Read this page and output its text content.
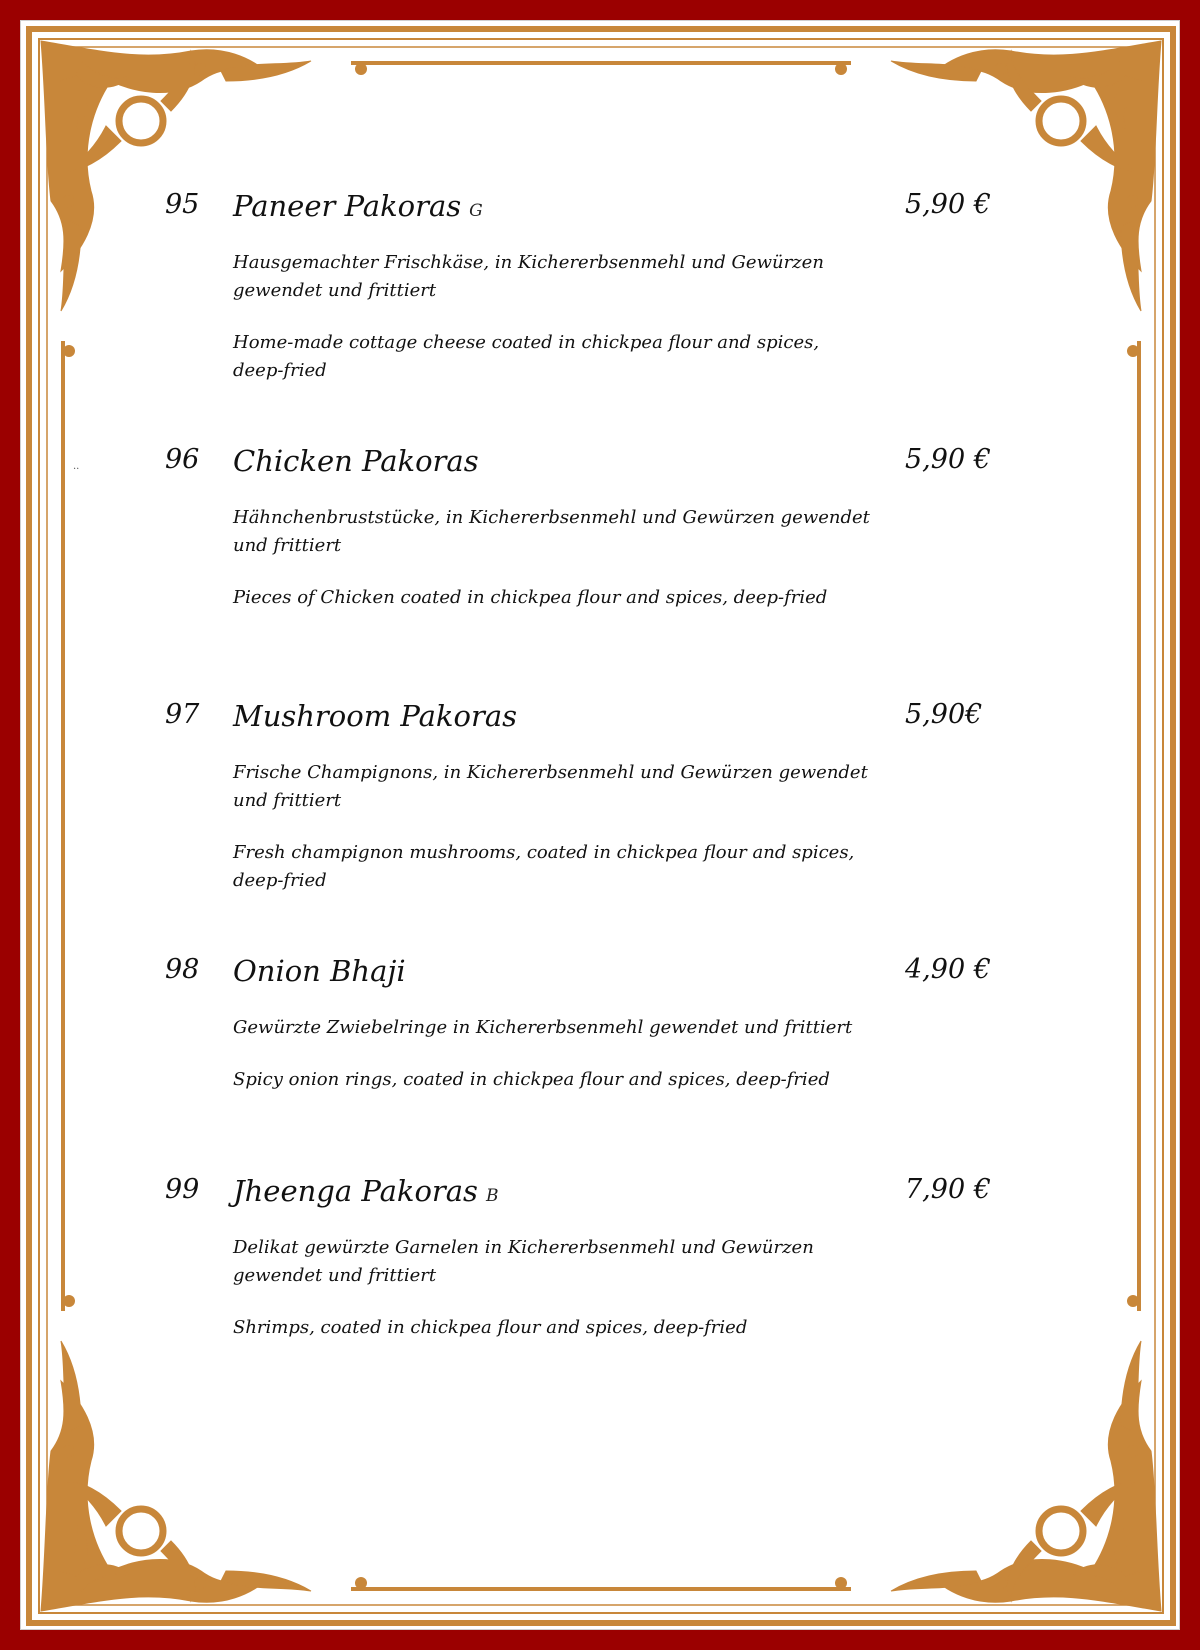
..
95 Paneer Pakoras G	5,90 €
Hausgemachter Frischkäse, in Kichererbsenmehl und Gewürzen gewendet und frittiert
Home-made cottage cheese coated in chickpea flour and spices, deep-fried
96 Chicken Pakoras	5,90 €
Hähnchenbruststücke, in Kichererbsenmehl und Gewürzen gewendet und frittiert
Pieces of Chicken coated in chickpea flour and spices, deep-fried
97 Mushroom Pakoras	5,90€
Frische Champignons, in Kichererbsenmehl und Gewürzen gewendet und frittiert
Fresh champignon mushrooms, coated in chickpea flour and spices, deep-fried
98 Onion Bhaji	4,90 €
Gewürzte Zwiebelringe in Kichererbsenmehl gewendet und frittiert
Spicy onion rings, coated in chickpea flour and spices, deep-fried
99 Jheenga Pakoras B	7,90 €
Delikat gewürzte Garnelen in Kichererbsenmehl und Gewürzen gewendet und frittiert
Shrimps, coated in chickpea flour and spices, deep-fried
